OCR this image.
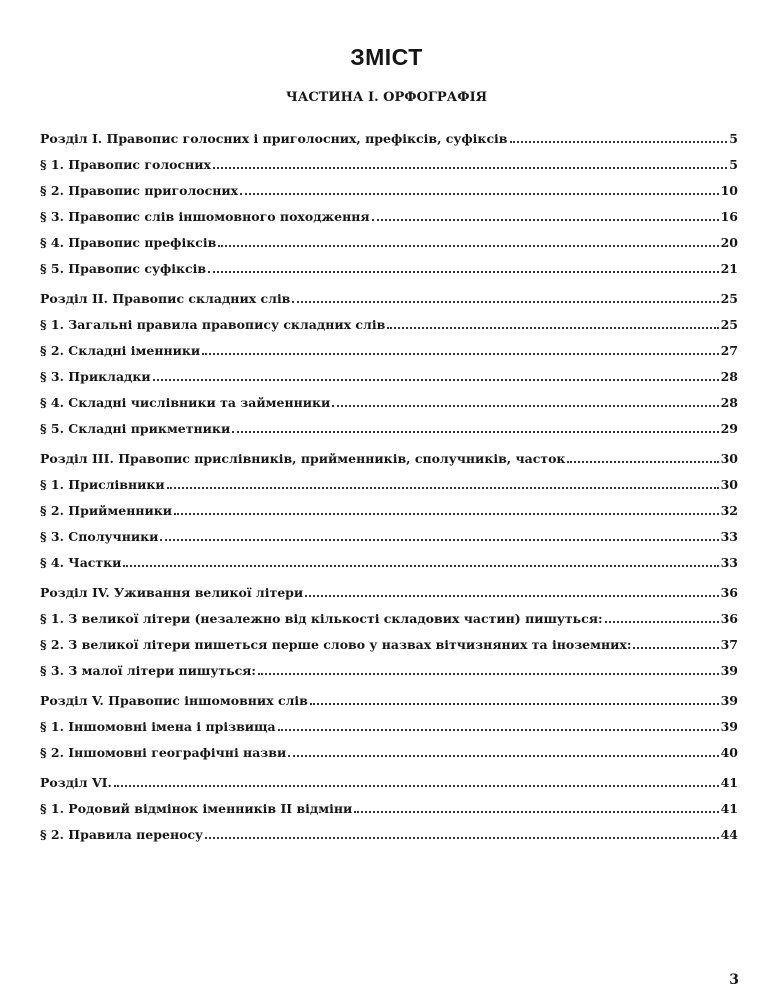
ЗМІСТ
ЧАСТИНА І. ОРФОГРАФІЯ
Розділ І. Правопис голосних і приголосних, префіксів, суфіксів	5
§ 1. Правопис голосних	5
§ 2. Правопис приголосних	10
§ 3. Правопис слів іншомовного походження	16
§ 4. Правопис префіксів	20
§ 5. Правопис суфіксів	21
Розділ ІІ. Правопис складних слів	25
§ 1. Загальні правила правопису складних слів	25
§ 2. Складні іменники	27
§ 3. Прикладки	28
§ 4. Складні числівники та займенники	28
§ 5. Складні прикметники	29
Розділ ІІІ. Правопис прислівників, прийменників, сполучників, часток	30
§ 1. Прислівники	30
§ 2. Прийменники	32
§ 3. Сполучники	33
§ 4. Частки	33
Розділ IV. Уживання великої літери	36
§ 1. З великої літери (незалежно від кількості складових частин) пишуться:	36
§ 2. З великої літери пишеться перше слово у назвах вітчизняних та іноземних:	37
§ 3. З малої літери пишуться:	39
Розділ V. Правопис іншомовних слів	39
§ 1. Іншомовні імена і прізвища	39
§ 2. Іншомовні географічні назви	40
Розділ VI.	41
§ 1. Родовий відмінок іменників ІІ відміни	41
§ 2. Правила переносу	44
3
